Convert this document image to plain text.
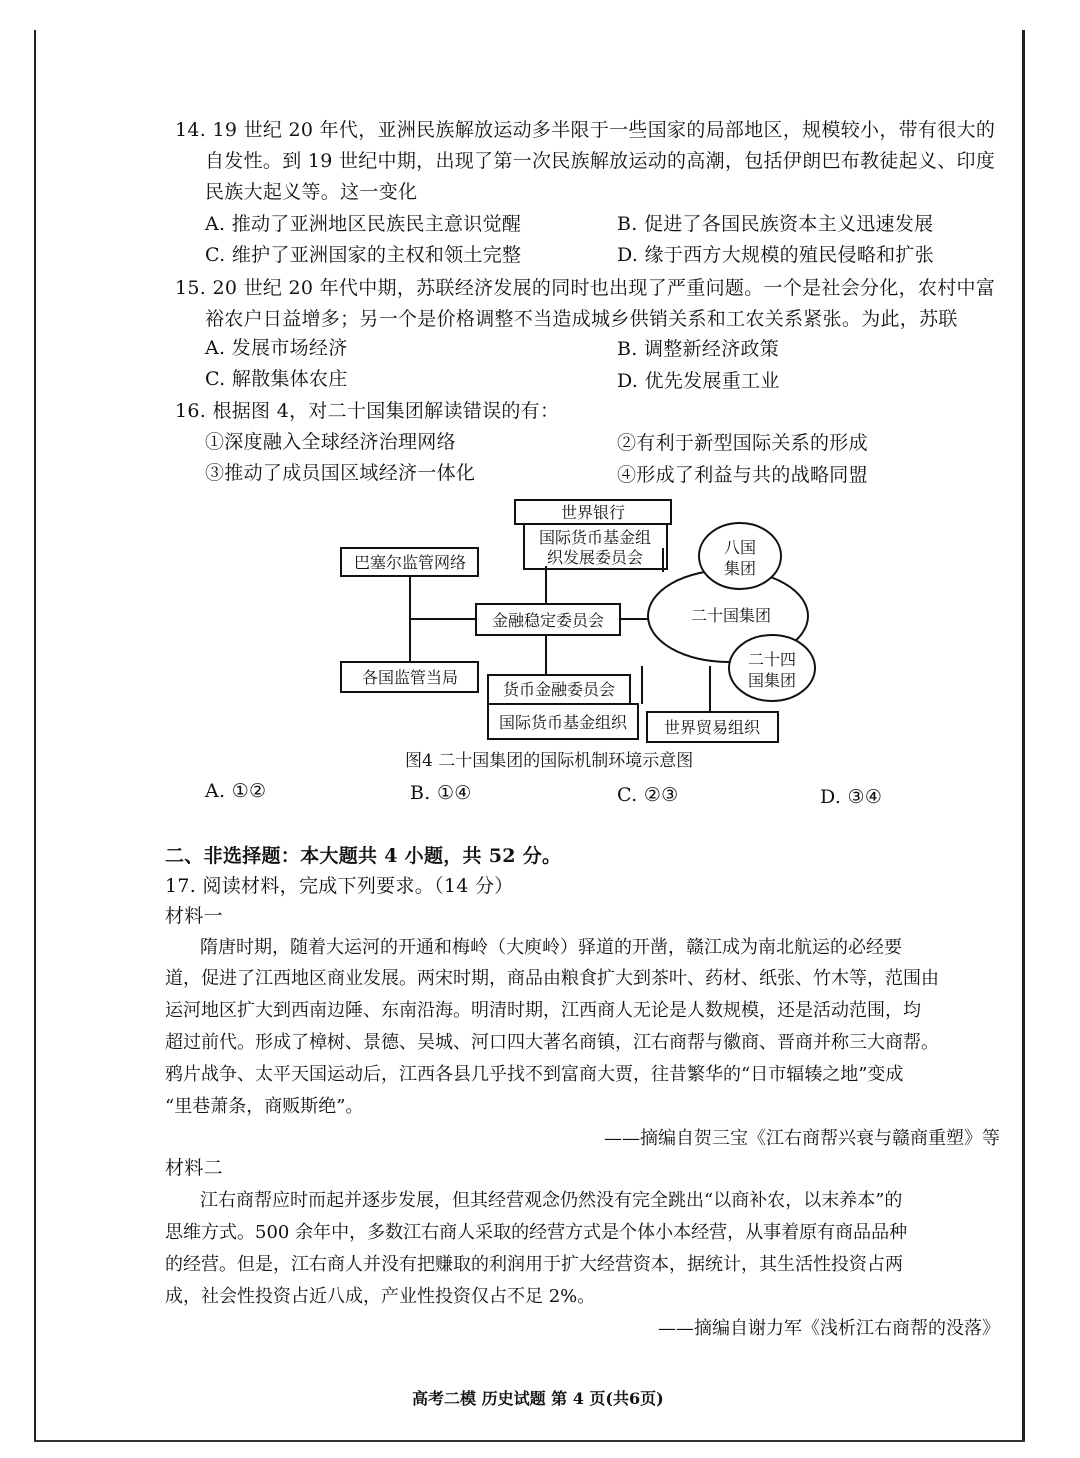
14. 19 世纪 20 年代，亚洲民族解放运动多半限于一些国家的局部地区，规模较小，带有很大的
自发性。到 19 世纪中期，出现了第一次民族解放运动的高潮，包括伊朗巴布教徒起义、印度
民族大起义等。这一变化
A. 推动了亚洲地区民族民主意识觉醒	B. 促进了各国民族资本主义迅速发展
C. 维护了亚洲国家的主权和领土完整	D. 缘于西方大规模的殖民侵略和扩张
15. 20 世纪 20 年代中期，苏联经济发展的同时也出现了严重问题。一个是社会分化，农村中富
裕农户日益增多；另一个是价格调整不当造成城乡供销关系和工农关系紧张。为此，苏联
A. 发展市场经济	B. 调整新经济政策
C. 解散集体农庄	D. 优先发展重工业
16. 根据图 4，对二十国集团解读错误的有：
①深度融入全球经济治理网络	②有利于新型国际关系的形成
③推动了成员国区域经济一体化	④形成了利益与共的战略同盟
世界银行
国际货币基金组
织发展委员会
巴塞尔监管网络
金融稳定委员会	二十国集团
八国
集团
二十四
国集团
各国监管当局
货币金融委员会
国际货币基金组织 世界贸易组织
图4 二十国集团的国际机制环境示意图
A. ①②	B. ①④	C. ②③	D. ③④
二、非选择题：本大题共 4 小题，共 52 分。
17. 阅读材料，完成下列要求。（14 分）
材料一
隋唐时期，随着大运河的开通和梅岭（大庾岭）驿道的开凿，赣江成为南北航运的必经要
道，促进了江西地区商业发展。两宋时期，商品由粮食扩大到茶叶、药材、纸张、竹木等，范围由
运河地区扩大到西南边陲、东南沿海。明清时期，江西商人无论是人数规模，还是活动范围，均
超过前代。形成了樟树、景德、吴城、河口四大著名商镇，江右商帮与徽商、晋商并称三大商帮。
鸦片战争、太平天国运动后，江西各县几乎找不到富商大贾，往昔繁华的“日市辐辏之地”变成
“里巷萧条，商贩斯绝”。
——摘编自贺三宝《江右商帮兴衰与赣商重塑》等
材料二
江右商帮应时而起并逐步发展，但其经营观念仍然没有完全跳出“以商补农，以末养本”的
思维方式。500 余年中，多数江右商人采取的经营方式是个体小本经营，从事着原有商品品种
的经营。但是，江右商人并没有把赚取的利润用于扩大经营资本，据统计，其生活性投资占两
成，社会性投资占近八成，产业性投资仅占不足 2%。
——摘编自谢力军《浅析江右商帮的没落》
高考二模 历史试题 第 4 页(共6页)
